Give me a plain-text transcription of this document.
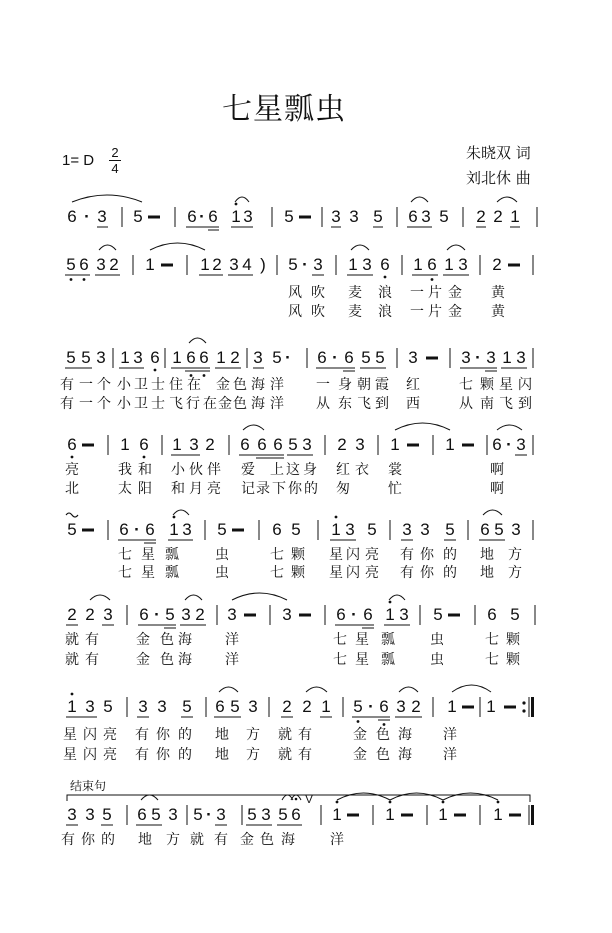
七星瓢虫
1= D $\frac{2}{4}$	朱晓双 词
刘北休 曲
结束句
6 · 3 5	6 · 6 1 3 5 3 3 5 6 3 5 2 2 1
5 6 3 2 1	1 2 3 4 ) 5 · 3 1 3 6 1 6 1 3 2
风 吹 麦 浪 一 片 金 黄
风 吹 麦 浪 一 片 金 黄
5 5 3 1 3 6 1 6 6 1 2 3 5 · 6 · 6 5 5 3	3 · 3 1 3
有 一 个 小 卫 士 住 在 金 色 海 洋 一 身 朝 霞 红	七 颗 星 闪
有 一 个 小 卫 士 飞 行 在 金 色 海 洋 从 东 飞 到 西	从 南 飞 到
6	1 6 1 3 2 6 6 6 5 3 2 3 1	1 6 · 3
亮	我 和 小 伙 伴 爱 上 这 身 红 衣 裳	啊
北	太 阳 和 月 亮 记 录 下 你 的 匆	忙	啊
5	6 · 6 1 3 5	6 5 1 3 5 3 3 5 6 5 3
七 星 瓢	虫	七 颗 星 闪 亮 有 你 的 地 方
七 星 瓢	虫	七 颗 星 闪 亮 有 你 的 地 方
2 2 3 6 · 5 3 2 3	3	6 · 6 1 3 5	6 5
就 有	金 色 海 洋	七 星 瓢	虫	七 颗
就 有	金 色 海 洋	七 星 瓢	虫	七 颗
1 3 5 3 3 5 6 5 3 2 2 1 5 · 6 3 2 1 1
星 闪 亮 有 你 的 地 方 就 有	金 色 海 洋
星 闪 亮 有 你 的 地 方 就 有	金 色 海 洋
3 3 5 6 5 3 5 · 3 5 3 5 6
V
1	1	1	1
有 你 的 地 方 就 有 金 色 海	洋
